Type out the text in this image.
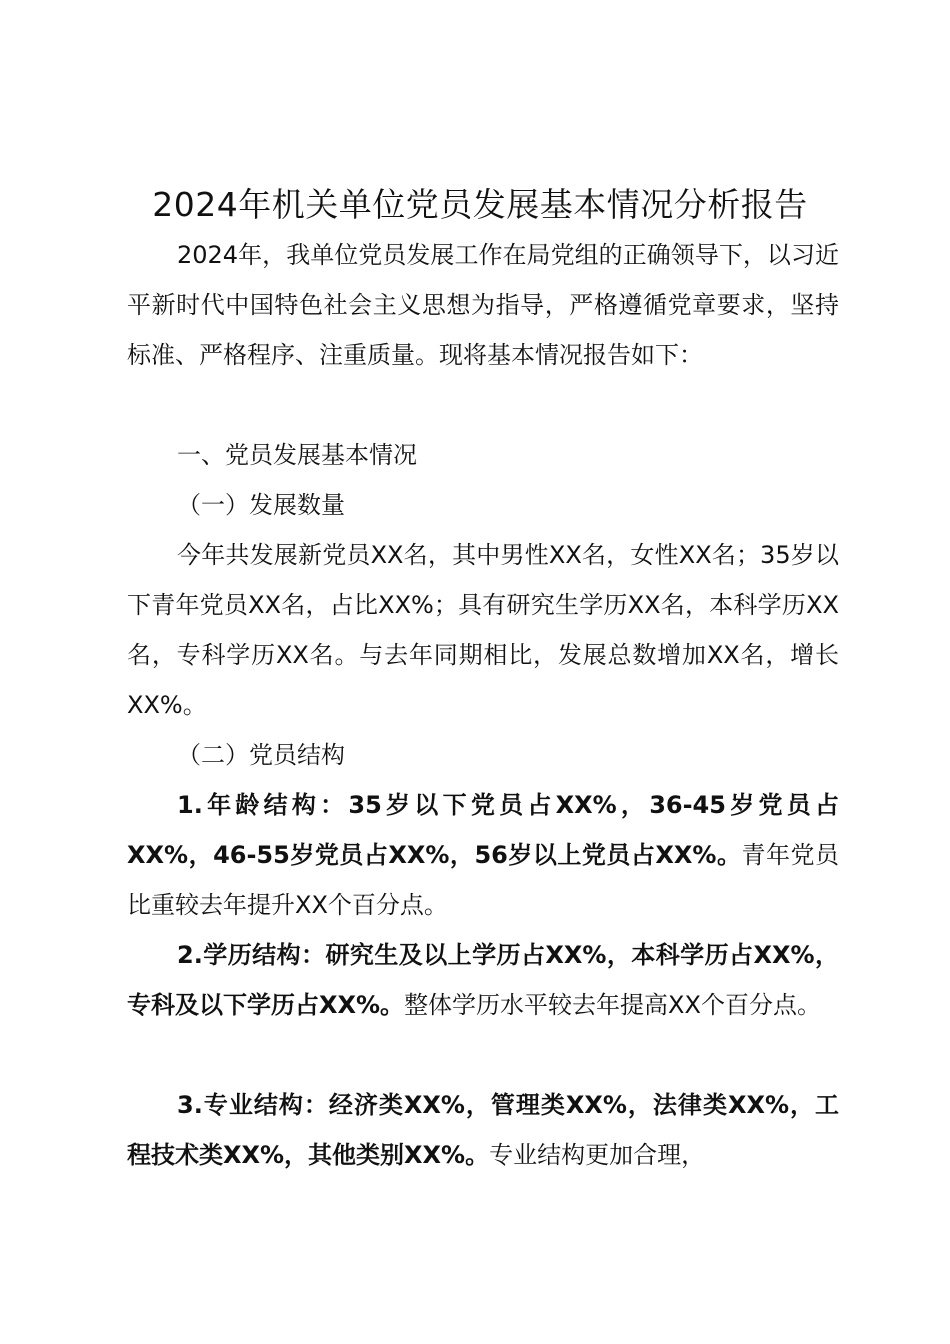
2024年机关单位党员发展基本情况分析报告

2024年，我单位党员发展工作在局党组的正确领导下，以习近平新时代中国特色社会主义思想为指导，严格遵循党章要求，坚持标准、严格程序、注重质量。现将基本情况报告如下：

一、党员发展基本情况

（一）发展数量

今年共发展新党员XX名，其中男性XX名，女性XX名；35岁以下青年党员XX名，占比XX%；具有研究生学历XX名，本科学历XX名，专科学历XX名。与去年同期相比，发展总数增加XX名，增长XX%。

（二）党员结构

1.年龄结构：35岁以下党员占XX%，36-45岁党员占XX%，46-55岁党员占XX%，56岁以上党员占XX%。青年党员比重较去年提升XX个百分点。

2.学历结构：研究生及以上学历占XX%，本科学历占XX%，专科及以下学历占XX%。整体学历水平较去年提高XX个百分点。

3.专业结构：经济类XX%，管理类XX%，法律类XX%，工程技术类XX%，其他类别XX%。专业结构更加合理，
